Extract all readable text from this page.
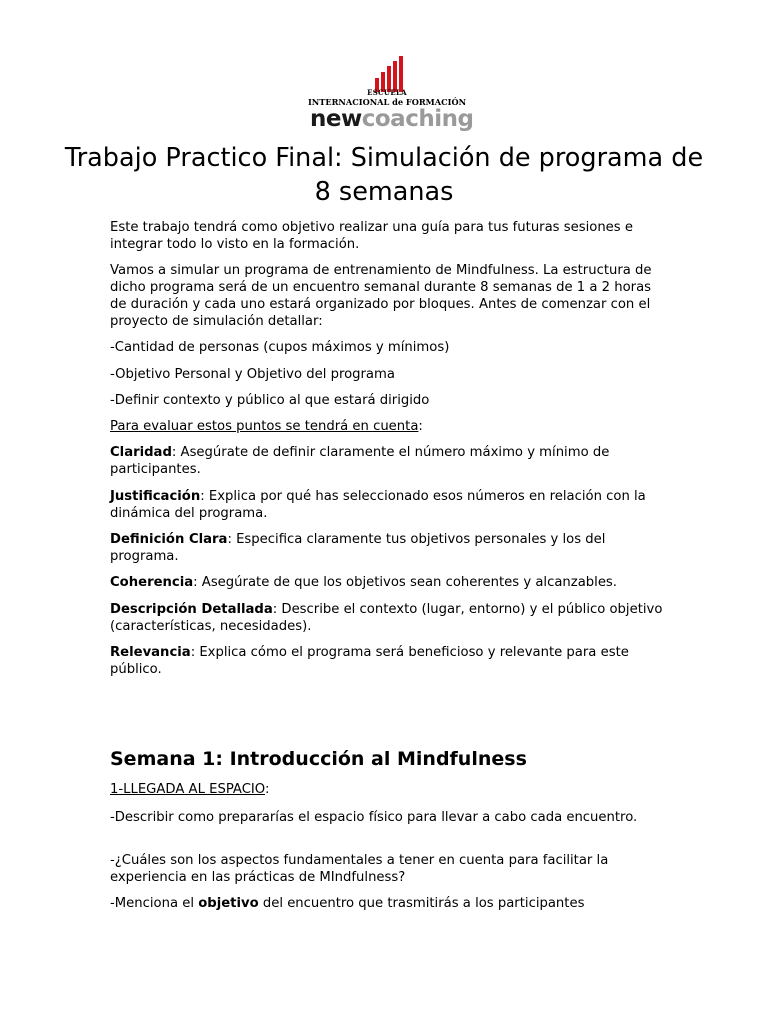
ESCUELA
INTERNACIONAL de FORMACIÓN
newcoaching
Trabajo Practico Final: Simulación de programa de 8 semanas

Este trabajo tendrá como objetivo realizar una guía para tus futuras sesiones e integrar todo lo visto en la formación.

Vamos a simular un programa de entrenamiento de Mindfulness. La estructura de dicho programa será de un encuentro semanal durante 8 semanas de 1 a 2 horas de duración y cada uno estará organizado por bloques. Antes de comenzar con el proyecto de simulación detallar:

-Cantidad de personas (cupos máximos y mínimos)

-Objetivo Personal y Objetivo del programa

-Definir contexto y público al que estará dirigido

Para evaluar estos puntos se tendrá en cuenta:

Claridad: Asegúrate de definir claramente el número máximo y mínimo de participantes.

Justificación: Explica por qué has seleccionado esos números en relación con la dinámica del programa.

Definición Clara: Especifica claramente tus objetivos personales y los del programa.

Coherencia: Asegúrate de que los objetivos sean coherentes y alcanzables.

Descripción Detallada: Describe el contexto (lugar, entorno) y el público objetivo (características, necesidades).

Relevancia: Explica cómo el programa será beneficioso y relevante para este público.

Semana 1: Introducción al Mindfulness

1-LLEGADA AL ESPACIO:

-Describir como prepararías el espacio físico para llevar a cabo cada encuentro.

-¿Cuáles son los aspectos fundamentales a tener en cuenta para facilitar la experiencia en las prácticas de MIndfulness?

-Menciona el objetivo del encuentro que trasmitirás a los participantes
